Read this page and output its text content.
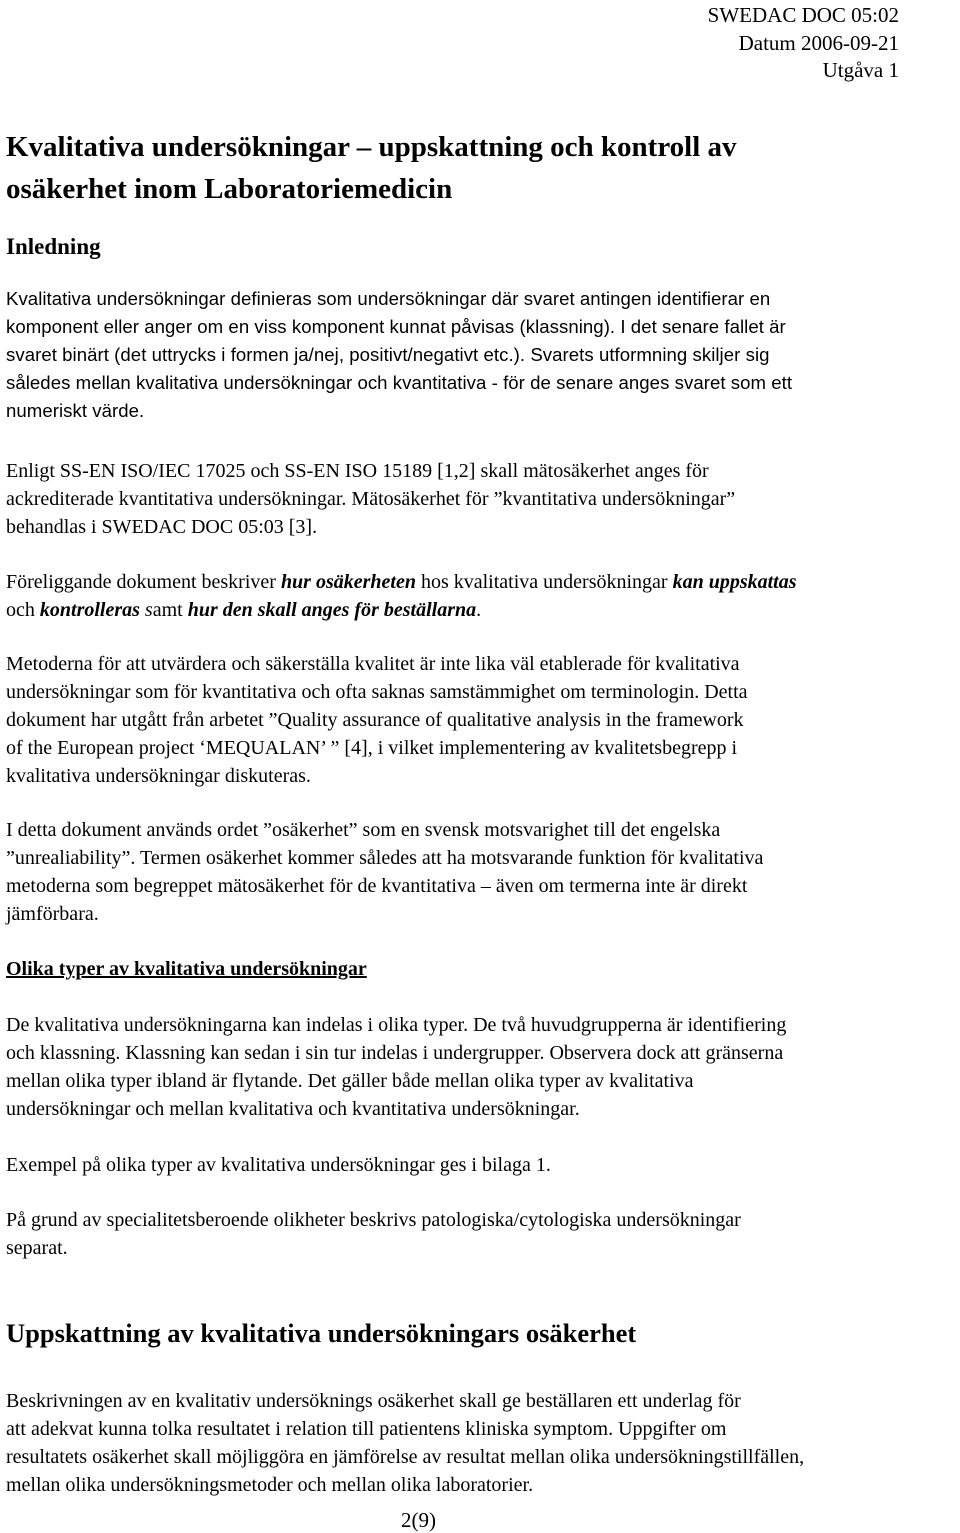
SWEDAC DOC 05:02
Datum 2006-09-21
Utgåva 1
Kvalitativa undersökningar – uppskattning och kontroll av
osäkerhet inom Laboratoriemedicin
Inledning

Kvalitativa undersökningar definieras som undersökningar där svaret antingen identifierar en
komponent eller anger om en viss komponent kunnat påvisas (klassning). I det senare fallet är
svaret binärt (det uttrycks i formen ja/nej, positivt/negativt etc.). Svarets utformning skiljer sig
således mellan kvalitativa undersökningar och kvantitativa - för de senare anges svaret som ett
numeriskt värde.

Enligt SS-EN ISO/IEC 17025 och SS-EN ISO 15189 [1,2] skall mätosäkerhet anges för
ackrediterade kvantitativa undersökningar. Mätosäkerhet för ”kvantitativa undersökningar”
behandlas i SWEDAC DOC 05:03 [3].

Föreliggande dokument beskriver hur osäkerheten hos kvalitativa undersökningar kan uppskattas
och kontrolleras samt hur den skall anges för beställarna.

Metoderna för att utvärdera och säkerställa kvalitet är inte lika väl etablerade för kvalitativa
undersökningar som för kvantitativa och ofta saknas samstämmighet om terminologin. Detta
dokument har utgått från arbetet ”Quality assurance of qualitative analysis in the framework
of the European project ‘MEQUALAN’ ” [4], i vilket implementering av kvalitetsbegrepp i
kvalitativa undersökningar diskuteras.

I detta dokument används ordet ”osäkerhet” som en svensk motsvarighet till det engelska
”unrealiability”. Termen osäkerhet kommer således att ha motsvarande funktion för kvalitativa
metoderna som begreppet mätosäkerhet för de kvantitativa – även om termerna inte är direkt
jämförbara.

Olika typer av kvalitativa undersökningar

De kvalitativa undersökningarna kan indelas i olika typer. De två huvudgrupperna är identifiering
och klassning. Klassning kan sedan i sin tur indelas i undergrupper. Observera dock att gränserna
mellan olika typer ibland är flytande. Det gäller både mellan olika typer av kvalitativa
undersökningar och mellan kvalitativa och kvantitativa undersökningar.

Exempel på olika typer av kvalitativa undersökningar ges i bilaga 1.

På grund av specialitetsberoende olikheter beskrivs patologiska/cytologiska undersökningar
separat.

Uppskattning av kvalitativa undersökningars osäkerhet

Beskrivningen av en kvalitativ undersöknings osäkerhet skall ge beställaren ett underlag för
att adekvat kunna tolka resultatet i relation till patientens kliniska symptom. Uppgifter om
resultatets osäkerhet skall möjliggöra en jämförelse av resultat mellan olika undersökningstillfällen,
mellan olika undersökningsmetoder och mellan olika laboratorier.

2(9)
